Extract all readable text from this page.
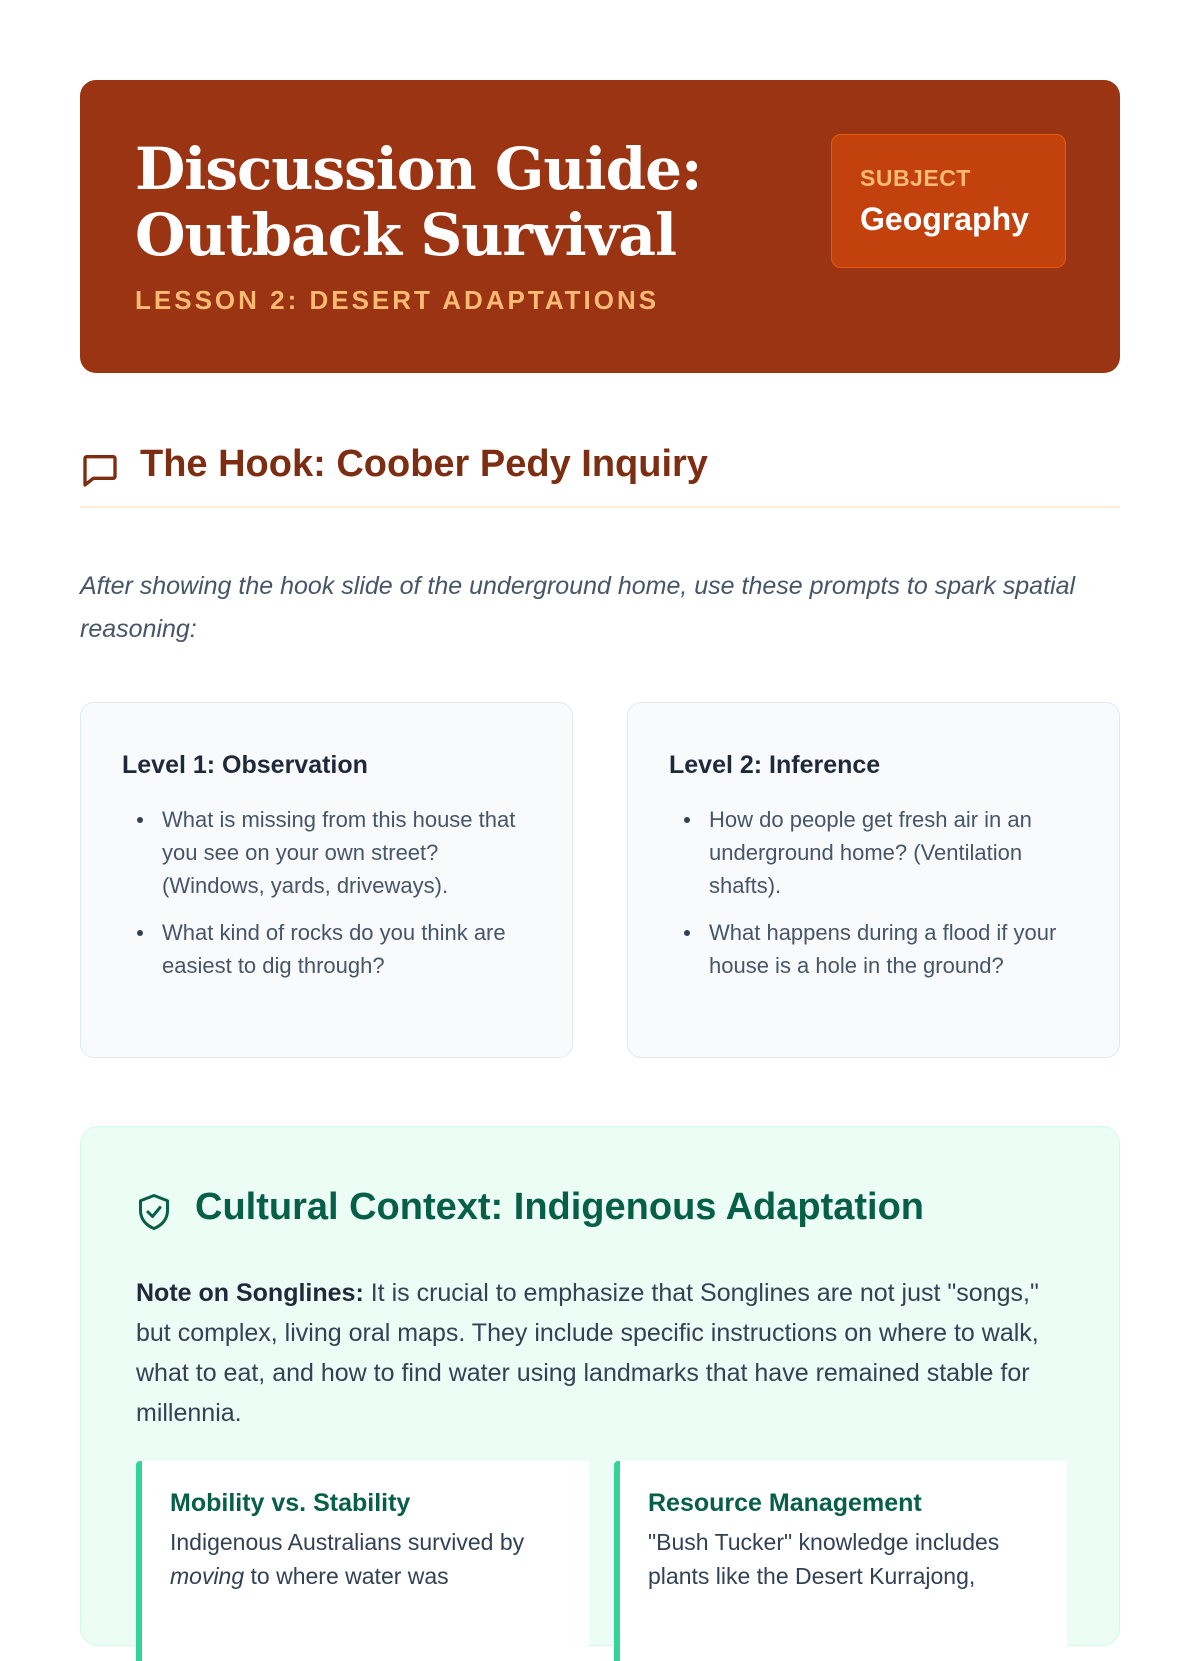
Discussion Guide:
Outback Survival

LESSON 2: DESERT ADAPTATIONS

SUBJECT
Geography
The Hook: Coober Pedy Inquiry

After showing the hook slide of the underground home, use these prompts to spark spatial reasoning:

Level 1: Observation
What is missing from this house that you see on your own street? (Windows, yards, driveways).
What kind of rocks do you think are easiest to dig through?
Level 2: Inference
How do people get fresh air in an underground home? (Ventilation shafts).
What happens during a flood if your house is a hole in the ground?
Cultural Context: Indigenous Adaptation

Note on Songlines: It is crucial to emphasize that Songlines are not just "songs," but complex, living oral maps. They include specific instructions on where to walk, what to eat, and how to find water using landmarks that have remained stable for millennia.

Mobility vs. Stability

Indigenous Australians survived by moving to where water was

Resource Management

"Bush Tucker" knowledge includes plants like the Desert Kurrajong,
